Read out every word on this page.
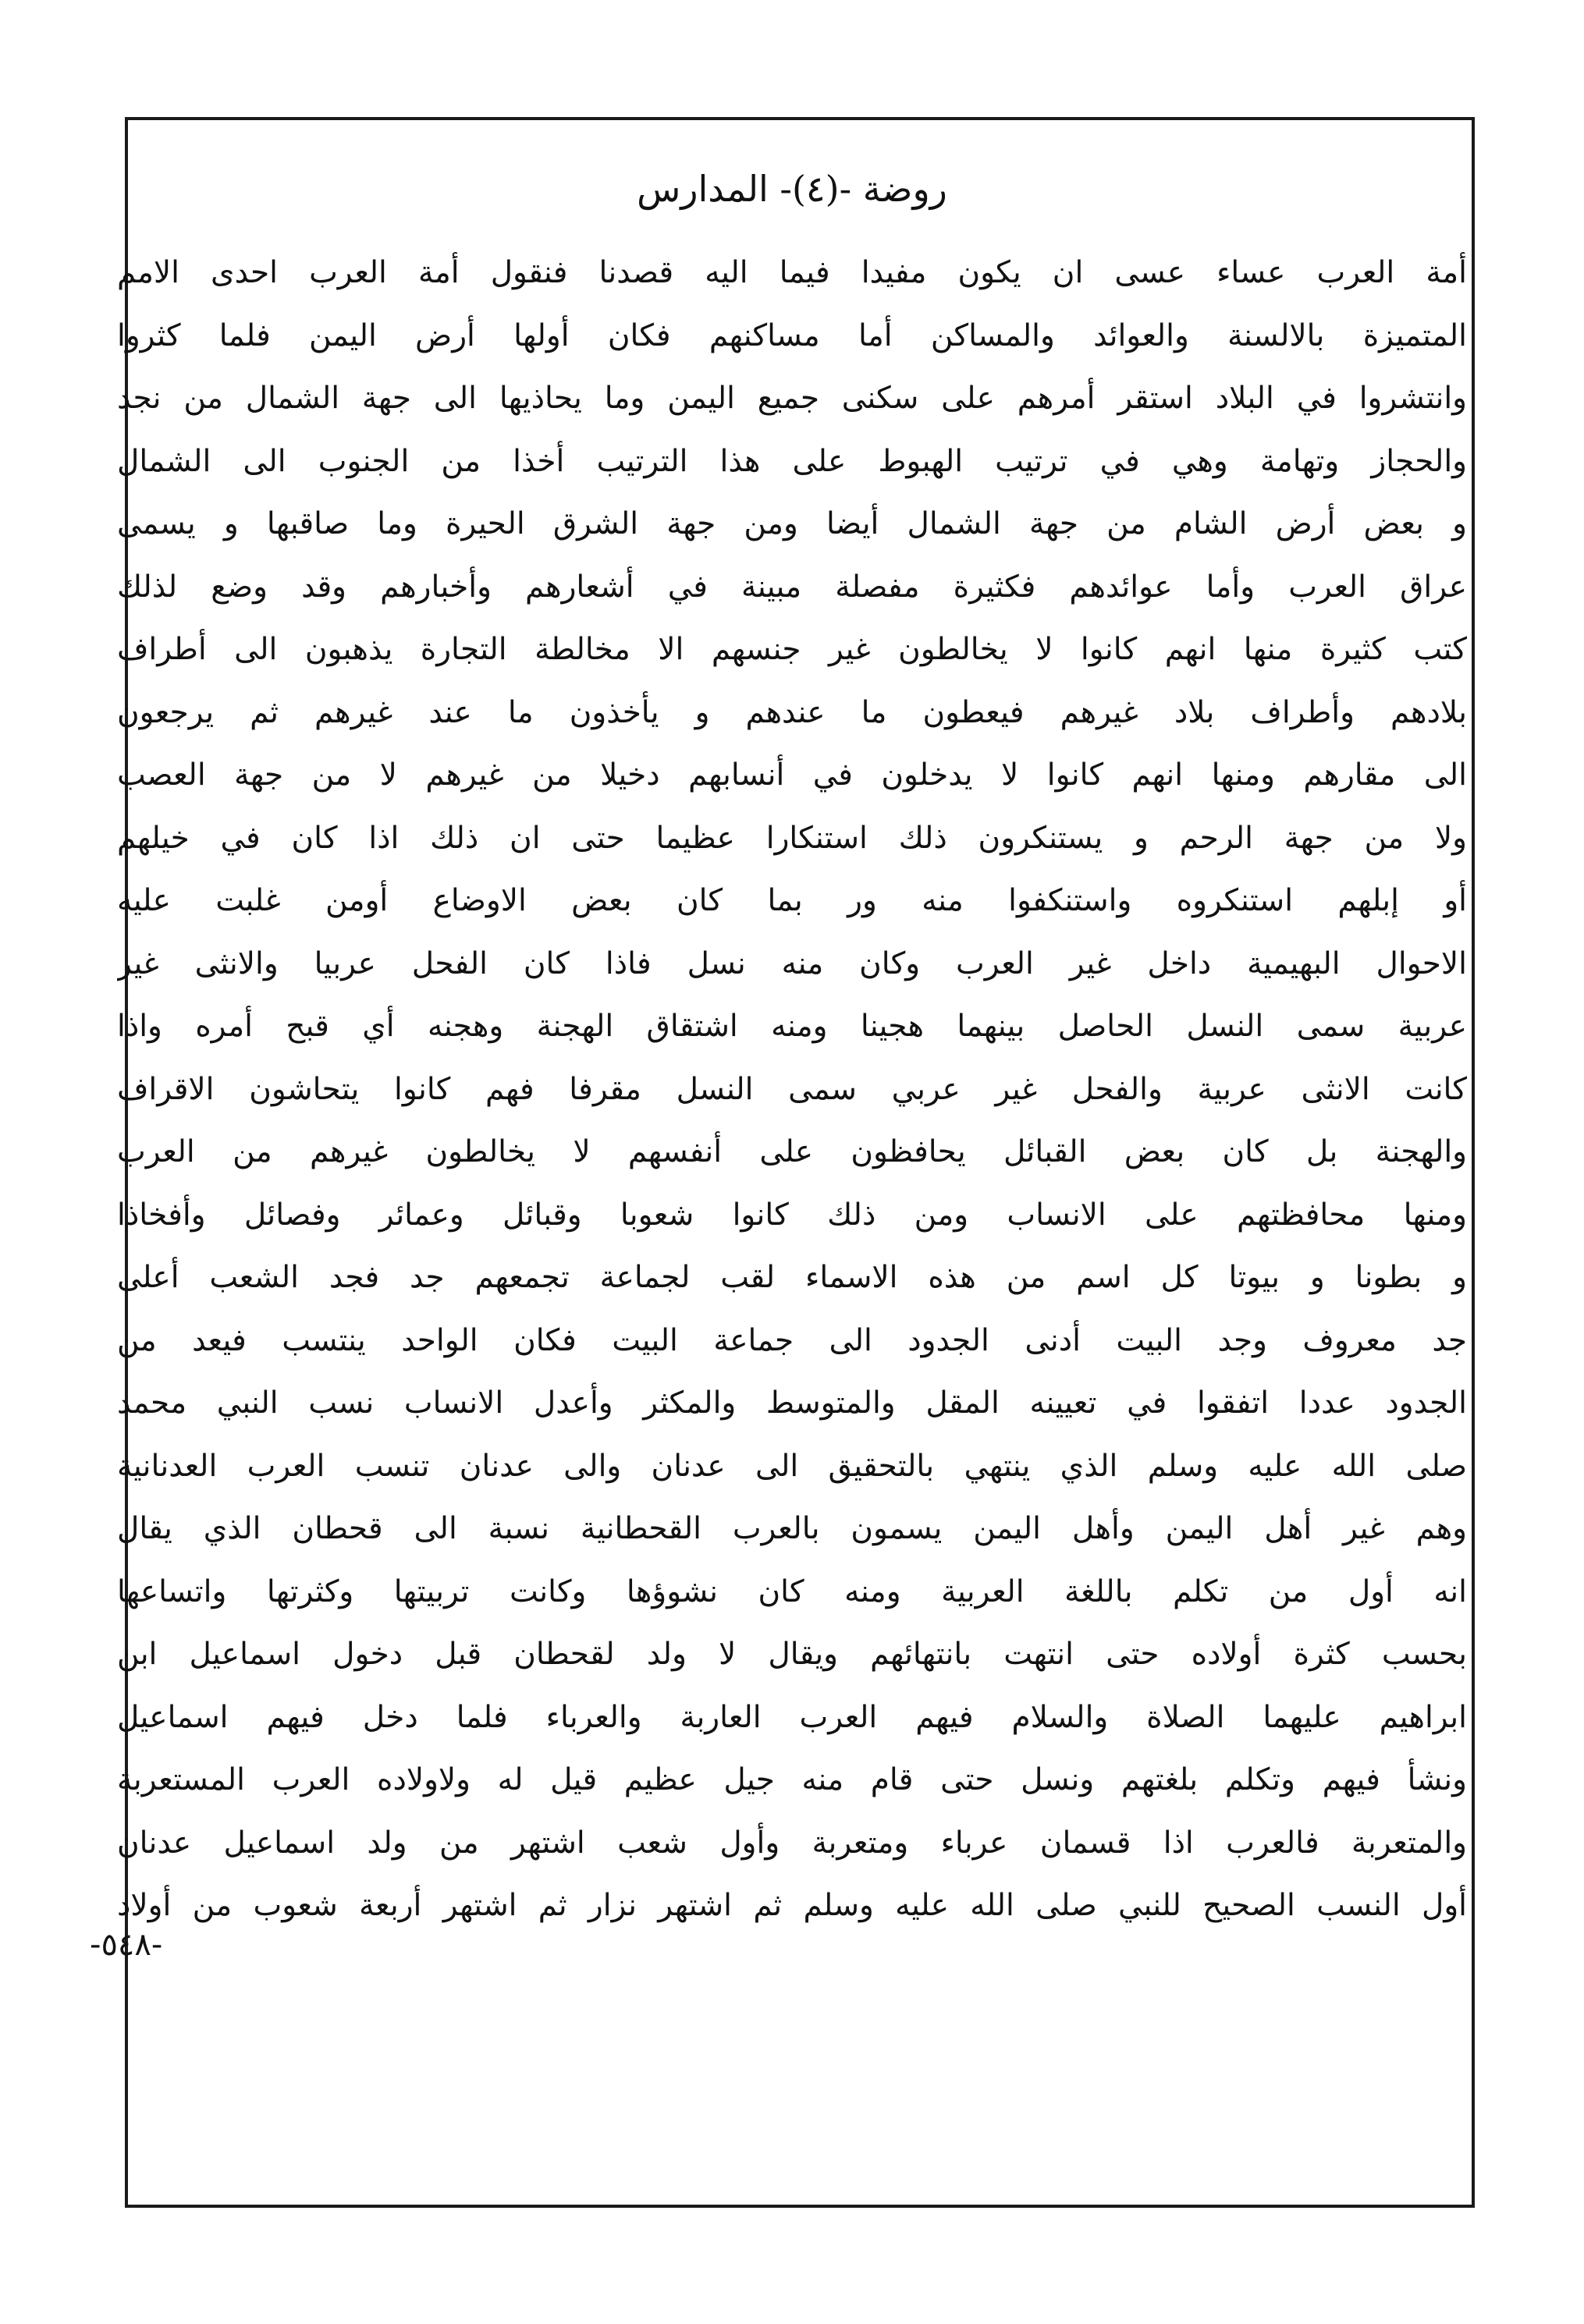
روضة -(٤)- المدارس
أمة العرب عساء عسى ان يكون مفيدا فيما اليه قصدنا فنقول أمة العرب احدى الامم
المتميزة بالالسنة والعوائد والمساكن أما مساكنهم فكان أولها أرض اليمن فلما كثروا
وانتشروا في البلاد استقر أمرهم على سكنى جميع اليمن وما يحاذيها الى جهة الشمال من نجد
والحجاز وتهامة وهي في ترتيب الهبوط على هذا الترتيب أخذا من الجنوب الى الشمال
و بعض أرض الشام من جهة الشمال أيضا ومن جهة الشرق الحيرة وما صاقبها و يسمى
عراق العرب وأما عوائدهم فكثيرة مفصلة مبينة في أشعارهم وأخبارهم وقد وضع لذلك
كتب كثيرة منها انهم كانوا لا يخالطون غير جنسهم الا مخالطة التجارة يذهبون الى أطراف
بلادهم وأطراف بلاد غيرهم فيعطون ما عندهم و يأخذون ما عند غيرهم ثم يرجعون
الى مقارهم ومنها انهم كانوا لا يدخلون في أنسابهم دخيلا من غيرهم لا من جهة العصب
ولا من جهة الرحم و يستنكرون ذلك استنكارا عظيما حتى ان ذلك اذا كان في خيلهم
أو إبلهم استنكروه واستنكفوا منه ور بما كان بعض الاوضاع أومن غلبت عليه
الاحوال البهيمية داخل غير العرب وكان منه نسل فاذا كان الفحل عربيا والانثى غير
عربية سمى النسل الحاصل بينهما هجينا ومنه اشتقاق الهجنة وهجنه أي قبح أمره واذا
كانت الانثى عربية والفحل غير عربي سمى النسل مقرفا فهم كانوا يتحاشون الاقراف
والهجنة بل كان بعض القبائل يحافظون على أنفسهم لا يخالطون غيرهم من العرب
ومنها محافظتهم على الانساب ومن ذلك كانوا شعوبا وقبائل وعمائر وفصائل وأفخاذا
و بطونا و بيوتا كل اسم من هذه الاسماء لقب لجماعة تجمعهم جد فجد الشعب أعلى
جد معروف وجد البيت أدنى الجدود الى جماعة البيت فكان الواحد ينتسب فيعد من
الجدود عددا اتفقوا في تعيينه المقل والمتوسط والمكثر وأعدل الانساب نسب النبي محمد
صلى الله عليه وسلم الذي ينتهي بالتحقيق الى عدنان والى عدنان تنسب العرب العدنانية
وهم غير أهل اليمن وأهل اليمن يسمون بالعرب القحطانية نسبة الى قحطان الذي يقال
انه أول من تكلم باللغة العربية ومنه كان نشوؤها وكانت تربيتها وكثرتها واتساعها
بحسب كثرة أولاده حتى انتهت بانتهائهم ويقال لا ولد لقحطان قبل دخول اسماعيل ابن
ابراهيم عليهما الصلاة والسلام فيهم العرب العاربة والعرباء فلما دخل فيهم اسماعيل
ونشأ فيهم وتكلم بلغتهم ونسل حتى قام منه جيل عظيم قيل له ولاولاده العرب المستعربة
والمتعربة فالعرب اذا قسمان عرباء ومتعربة وأول شعب اشتهر من ولد اسماعيل عدنان
أول النسب الصحيح للنبي صلى الله عليه وسلم ثم اشتهر نزار ثم اشتهر أربعة شعوب من أولاد
-٥٤٨-
